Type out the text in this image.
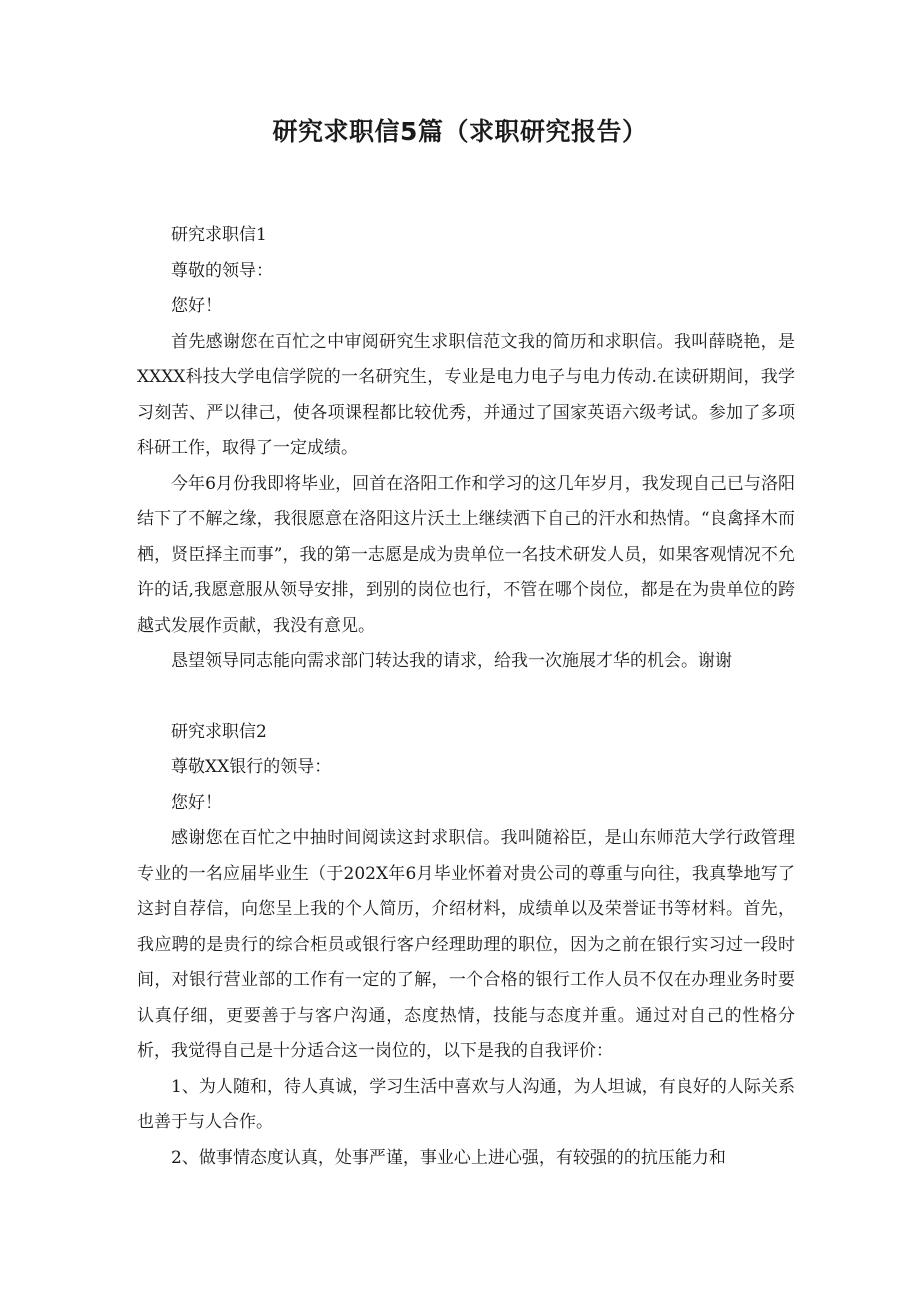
研究求职信5篇（求职研究报告）

研究求职信1

尊敬的领导：

您好！

首先感谢您在百忙之中审阅研究生求职信范文我的简历和求职信。我叫薛晓艳，是XXXX科技大学电信学院的一名研究生，专业是电力电子与电力传动.在读研期间，我学习刻苦、严以律己，使各项课程都比较优秀，并通过了国家英语六级考试。参加了多项科研工作，取得了一定成绩。

今年6月份我即将毕业，回首在洛阳工作和学习的这几年岁月，我发现自己已与洛阳结下了不解之缘，我很愿意在洛阳这片沃土上继续洒下自己的汗水和热情。“良禽择木而栖，贤臣择主而事”，我的第一志愿是成为贵单位一名技术研发人员，如果客观情况不允许的话,我愿意服从领导安排，到别的岗位也行，不管在哪个岗位，都是在为贵单位的跨越式发展作贡献，我没有意见。

恳望领导同志能向需求部门转达我的请求，给我一次施展才华的机会。谢谢

研究求职信2

尊敬XX银行的领导：

您好！

感谢您在百忙之中抽时间阅读这封求职信。我叫随裕臣，是山东师范大学行政管理专业的一名应届毕业生（于202X年6月毕业怀着对贵公司的尊重与向往，我真挚地写了这封自荐信，向您呈上我的个人简历，介绍材料，成绩单以及荣誉证书等材料。首先，我应聘的是贵行的综合柜员或银行客户经理助理的职位，因为之前在银行实习过一段时间，对银行营业部的工作有一定的了解，一个合格的银行工作人员不仅在办理业务时要认真仔细，更要善于与客户沟通，态度热情，技能与态度并重。通过对自己的性格分析，我觉得自己是十分适合这一岗位的，以下是我的自我评价：

1、为人随和，待人真诚，学习生活中喜欢与人沟通，为人坦诚，有良好的人际关系也善于与人合作。

2、做事情态度认真，处事严谨，事业心上进心强，有较强的的抗压能力和
